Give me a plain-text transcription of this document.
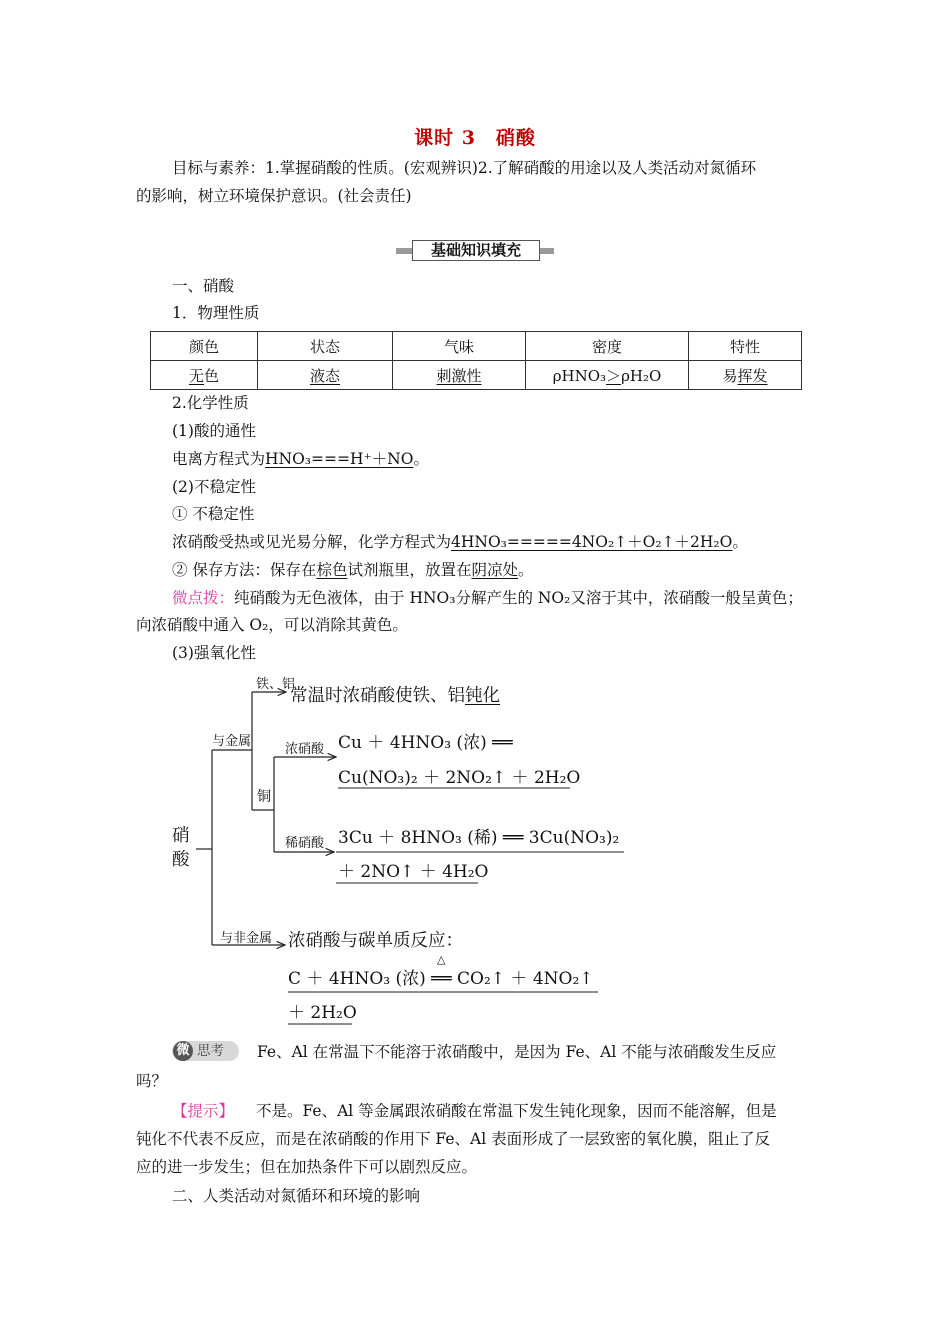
课时 3　硝酸
目标与素养：1.掌握硝酸的性质。(宏观辨识)2.了解硝酸的用途以及人类活动对氮循环
的影响，树立环境保护意识。(社会责任)
基础知识填充
一、硝酸
1．物理性质
颜色	状态	气味	密度	特性
无色	液态	刺激性	ρHNO₃＞ρH₂O	易挥发
2.化学性质
(1)酸的通性
电离方程式为HNO₃===H⁺＋NO。
(2)不稳定性
① 不稳定性
浓硝酸受热或见光易分解，化学方程式为4HNO₃=====4NO₂↑＋O₂↑＋2H₂O。
② 保存方法：保存在棕色试剂瓶里，放置在阴凉处。
微点拨：纯硝酸为无色液体，由于 HNO₃分解产生的 NO₂又溶于其中，浓硝酸一般呈黄色；
向浓硝酸中通入 O₂，可以消除其黄色。
(3)强氧化性
硝
酸
与金属
与非金属
铁、铝
铜
浓硝酸
稀硝酸
常温时浓硝酸使铁、铝钝化
Cu ＋ 4HNO₃ (浓) ══
Cu(NO₃)₂ ＋ 2NO₂↑ ＋ 2H₂O
3Cu ＋ 8HNO₃ (稀) ══ 3Cu(NO₃)₂
＋ 2NO↑ ＋ 4H₂O
浓硝酸与碳单质反应：
△
C ＋ 4HNO₃ (浓) ══ CO₂↑ ＋ 4NO₂↑
＋ 2H₂O
微 思考 Fe、Al 在常温下不能溶于浓硝酸中，是因为 Fe、Al 不能与浓硝酸发生反应
吗？
【提示】 不是。Fe、Al 等金属跟浓硝酸在常温下发生钝化现象，因而不能溶解，但是
钝化不代表不反应，而是在浓硝酸的作用下 Fe、Al 表面形成了一层致密的氧化膜，阻止了反
应的进一步发生；但在加热条件下可以剧烈反应。
二、人类活动对氮循环和环境的影响
